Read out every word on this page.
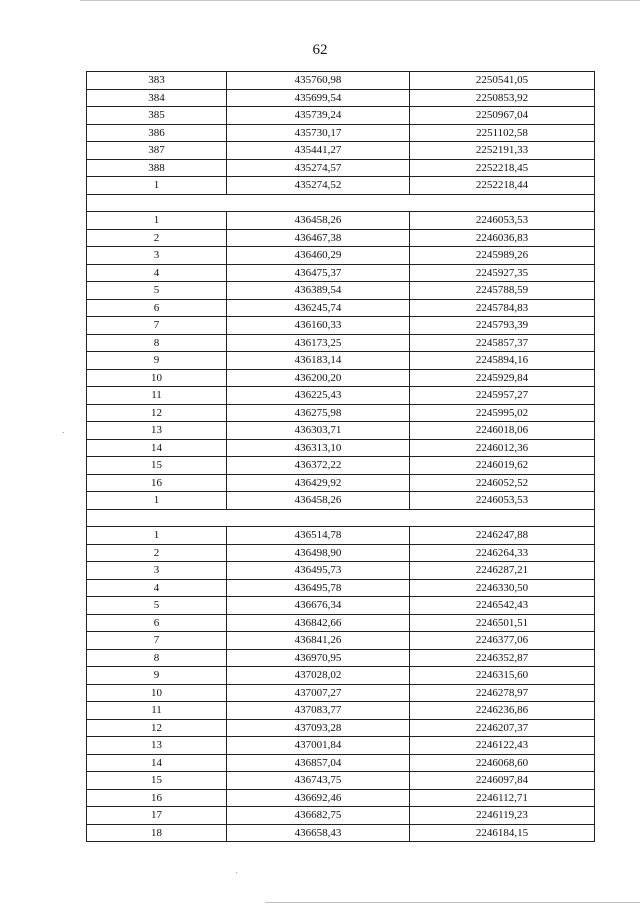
62
383	435760,98	2250541,05
384	435699,54	2250853,92
385	435739,24	2250967,04
386	435730,17	2251102,58
387	435441,27	2252191,33
388	435274,57	2252218,45
1	435274,52	2252218,44

1	436458,26	2246053,53
2	436467,38	2246036,83
3	436460,29	2245989,26
4	436475,37	2245927,35
5	436389,54	2245788,59
6	436245,74	2245784,83
7	436160,33	2245793,39
8	436173,25	2245857,37
9	436183,14	2245894,16
10	436200,20	2245929,84
11	436225,43	2245957,27
12	436275,98	2245995,02
13	436303,71	2246018,06
14	436313,10	2246012,36
15	436372,22	2246019,62
16	436429,92	2246052,52
1	436458,26	2246053,53

1	436514,78	2246247,88
2	436498,90	2246264,33
3	436495,73	2246287,21
4	436495,78	2246330,50
5	436676,34	2246542,43
6	436842,66	2246501,51
7	436841,26	2246377,06
8	436970,95	2246352,87
9	437028,02	2246315,60
10	437007,27	2246278,97
11	437083,77	2246236,86
12	437093,28	2246207,37
13	437001,84	2246122,43
14	436857,04	2246068,60
15	436743,75	2246097,84
16	436692,46	2246112,71
17	436682,75	2246119,23
18	436658,43	2246184,15
